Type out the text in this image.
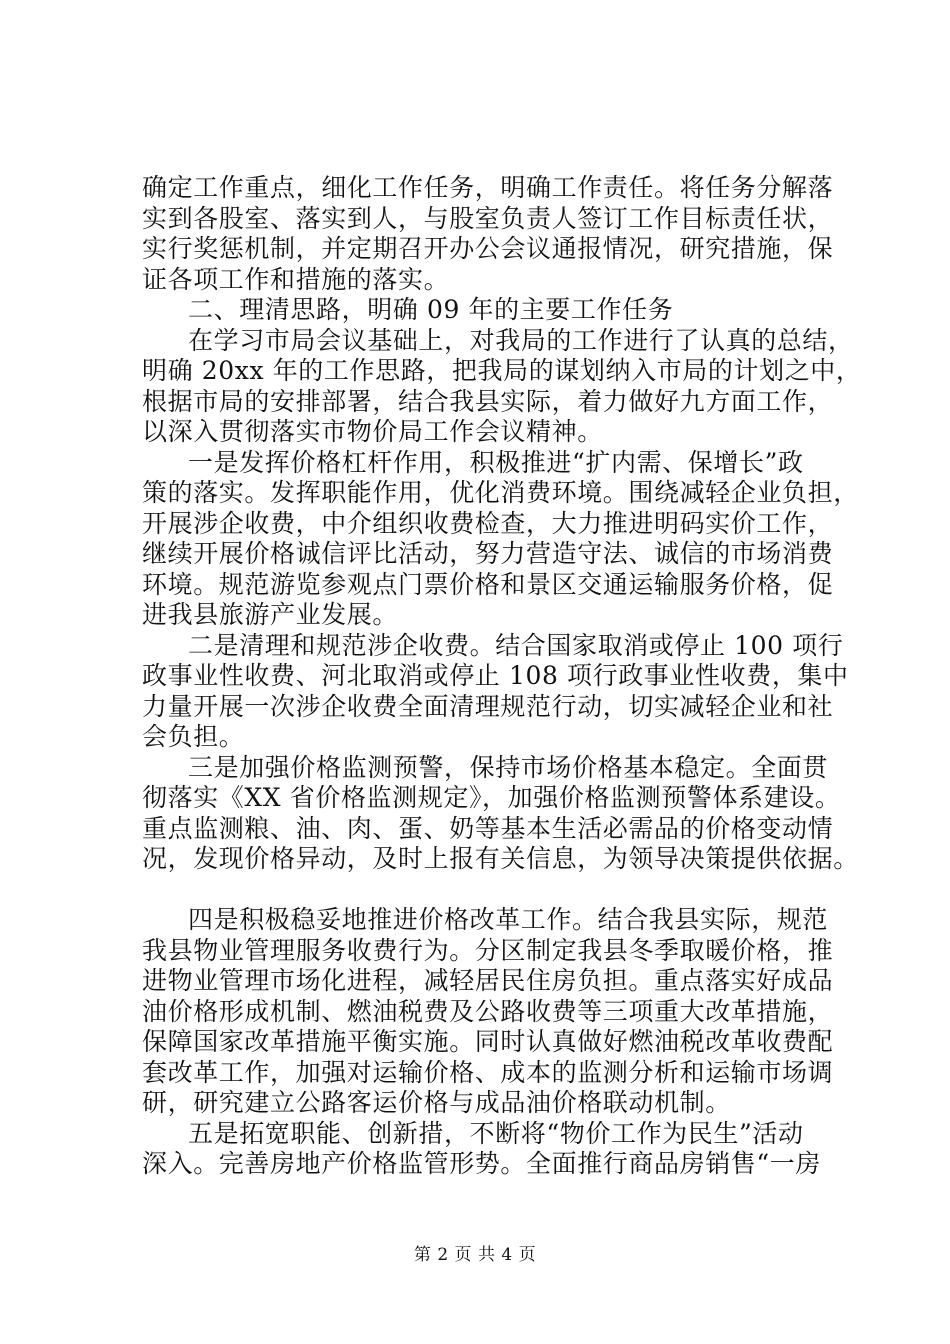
确定工作重点，细化工作任务，明确工作责任。将任务分解落
实到各股室、落实到人，与股室负责人签订工作目标责任状，
实行奖惩机制，并定期召开办公会议通报情况，研究措施，保
证各项工作和措施的落实。
二、理清思路，明确 09 年的主要工作任务
在学习市局会议基础上，对我局的工作进行了认真的总结，
明确 20xx 年的工作思路，把我局的谋划纳入市局的计划之中，
根据市局的安排部署，结合我县实际，着力做好九方面工作，
以深入贯彻落实市物价局工作会议精神。
一是发挥价格杠杆作用，积极推进“扩内需、保增长”政
策的落实。发挥职能作用，优化消费环境。围绕减轻企业负担，
开展涉企收费，中介组织收费检查，大力推进明码实价工作，
继续开展价格诚信评比活动，努力营造守法、诚信的市场消费
环境。规范游览参观点门票价格和景区交通运输服务价格，促
进我县旅游产业发展。
二是清理和规范涉企收费。结合国家取消或停止 100 项行
政事业性收费、河北取消或停止 108 项行政事业性收费，集中
力量开展一次涉企收费全面清理规范行动，切实减轻企业和社
会负担。
三是加强价格监测预警，保持市场价格基本稳定。全面贯
彻落实《XX 省价格监测规定》，加强价格监测预警体系建设。
重点监测粮、油、肉、蛋、奶等基本生活必需品的价格变动情
况，发现价格异动，及时上报有关信息，为领导决策提供依据。
四是积极稳妥地推进价格改革工作。结合我县实际，规范
我县物业管理服务收费行为。分区制定我县冬季取暖价格，推
进物业管理市场化进程，减轻居民住房负担。重点落实好成品
油价格形成机制、燃油税费及公路收费等三项重大改革措施，
保障国家改革措施平衡实施。同时认真做好燃油税改革收费配
套改革工作，加强对运输价格、成本的监测分析和运输市场调
研，研究建立公路客运价格与成品油价格联动机制。
五是拓宽职能、创新措，不断将“物价工作为民生”活动
深入。完善房地产价格监管形势。全面推行商品房销售“一房
第 2 页 共 4 页
